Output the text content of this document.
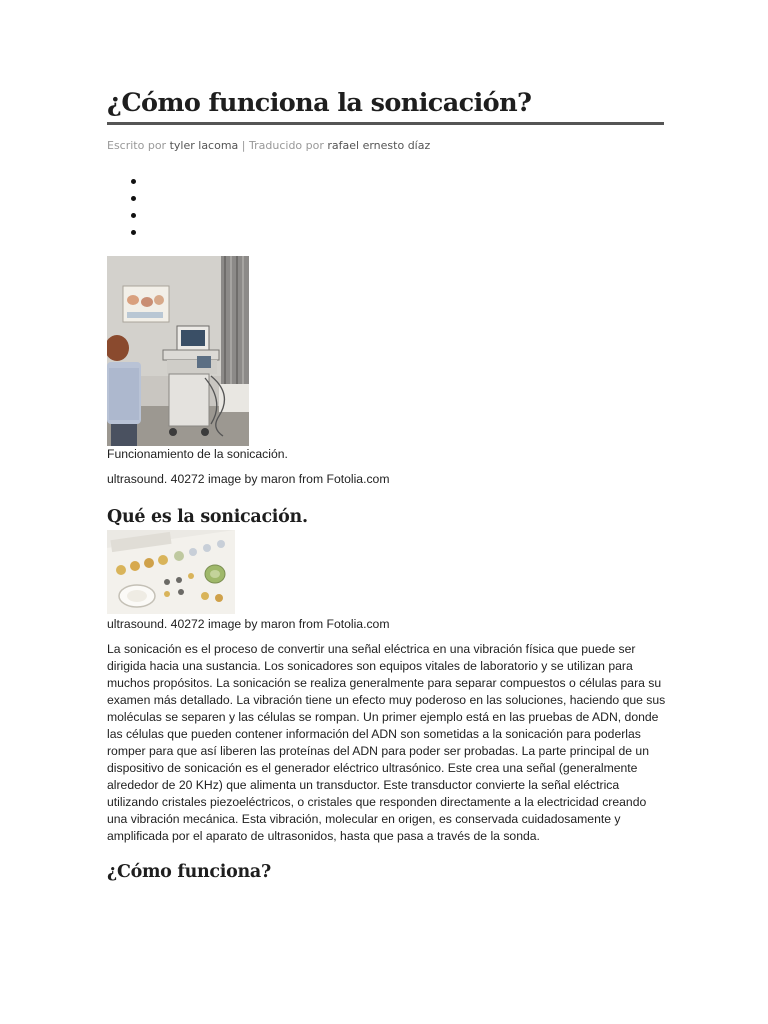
¿Cómo funciona la sonicación?

Escrito por tyler lacoma | Traducido por rafael ernesto díaz

Funcionamiento de la sonicación.

ultrasound. 40272 image by maron from Fotolia.com

Qué es la sonicación.

ultrasound. 40272 image by maron from Fotolia.com

La sonicación es el proceso de convertir una señal eléctrica en una vibración física que puede ser dirigida hacia una sustancia. Los sonicadores son equipos vitales de laboratorio y se utilizan para muchos propósitos. La sonicación se realiza generalmente para separar compuestos o células para su examen más detallado. La vibración tiene un efecto muy poderoso en las soluciones, haciendo que sus moléculas se separen y las células se rompan. Un primer ejemplo está en las pruebas de ADN, donde las células que pueden contener información del ADN son sometidas a la sonicación para poderlas romper para que así liberen las proteínas del ADN para poder ser probadas. La parte principal de un dispositivo de sonicación es el generador eléctrico ultrasónico. Este crea una señal (generalmente alrededor de 20 KHz) que alimenta un transductor. Este transductor convierte la señal eléctrica utilizando cristales piezoeléctricos, o cristales que responden directamente a la electricidad creando una vibración mecánica. Esta vibración, molecular en origen, es conservada cuidadosamente y amplificada por el aparato de ultrasonidos, hasta que pasa a través de la sonda.

¿Cómo funciona?
